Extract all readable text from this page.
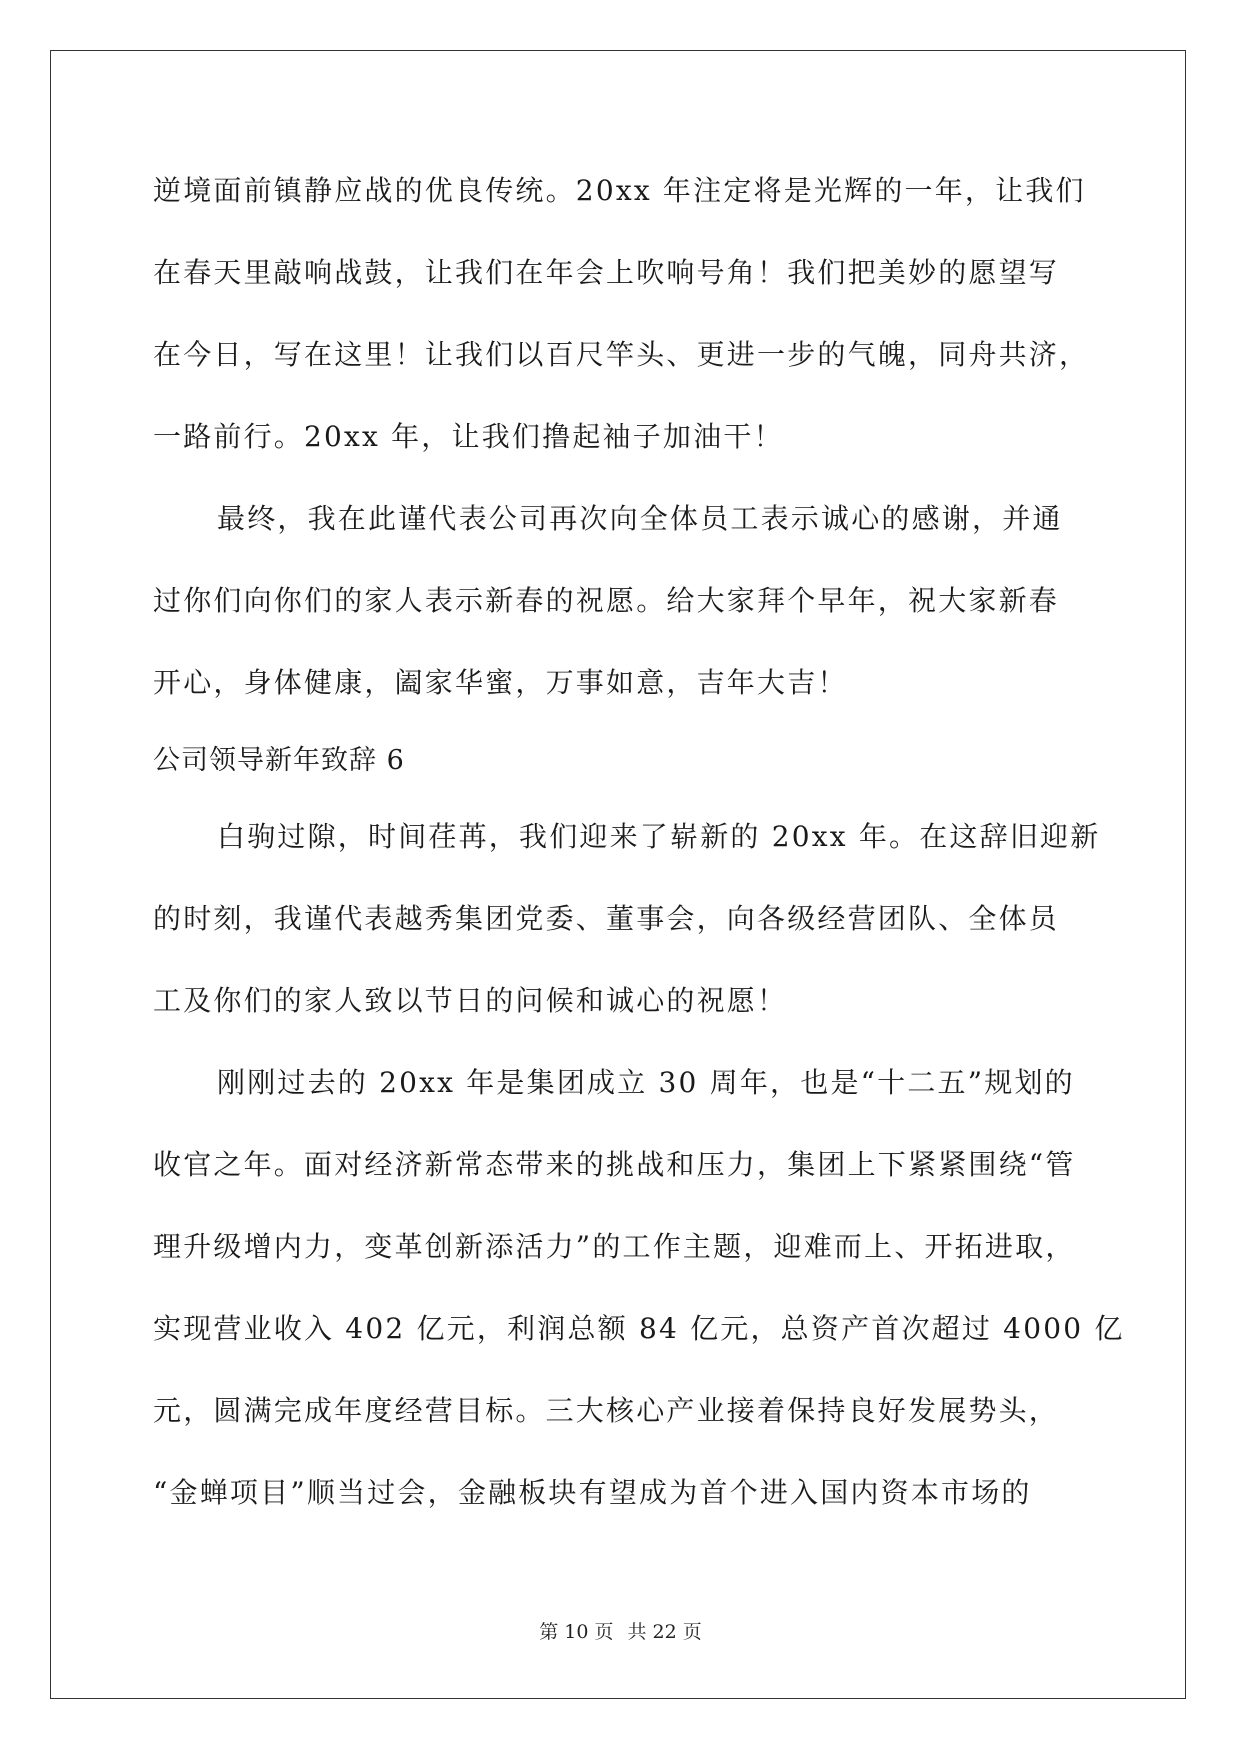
逆境面前镇静应战的优良传统。20xx 年注定将是光辉的一年，让我们
在春天里敲响战鼓，让我们在年会上吹响号角！我们把美妙的愿望写
在今日，写在这里！让我们以百尺竿头、更进一步的气魄，同舟共济，
一路前行。20xx 年，让我们撸起袖子加油干！
最终，我在此谨代表公司再次向全体员工表示诚心的感谢，并通
过你们向你们的家人表示新春的祝愿。给大家拜个早年，祝大家新春
开心，身体健康，阖家华蜜，万事如意，吉年大吉！
公司领导新年致辞 6
白驹过隙，时间荏苒，我们迎来了崭新的 20xx 年。在这辞旧迎新
的时刻，我谨代表越秀集团党委、董事会，向各级经营团队、全体员
工及你们的家人致以节日的问候和诚心的祝愿！
刚刚过去的 20xx 年是集团成立 30 周年，也是“十二五”规划的
收官之年。面对经济新常态带来的挑战和压力，集团上下紧紧围绕“管
理升级增内力，变革创新添活力”的工作主题，迎难而上、开拓进取，
实现营业收入 402 亿元，利润总额 84 亿元，总资产首次超过 4000 亿
元，圆满完成年度经营目标。三大核心产业接着保持良好发展势头，
“金蝉项目”顺当过会，金融板块有望成为首个进入国内资本市场的
第 10 页 共 22 页
